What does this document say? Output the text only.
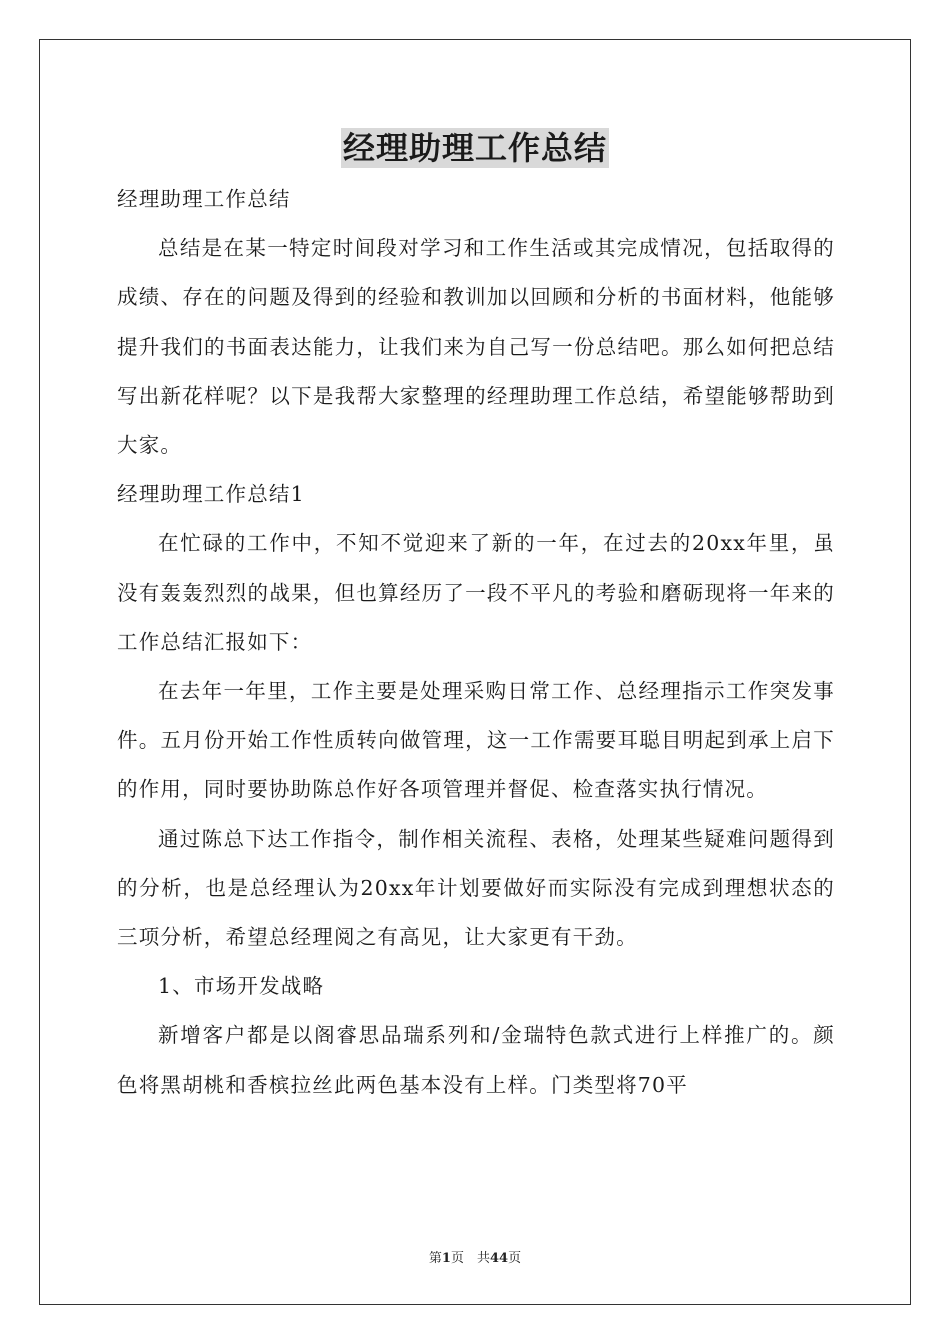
经理助理工作总结

经理助理工作总结

总结是在某一特定时间段对学习和工作生活或其完成情况，包括取得的成绩、存在的问题及得到的经验和教训加以回顾和分析的书面材料，他能够提升我们的书面表达能力，让我们来为自己写一份总结吧。那么如何把总结写出新花样呢？以下是我帮大家整理的经理助理工作总结，希望能够帮助到大家。

经理助理工作总结1

在忙碌的工作中，不知不觉迎来了新的一年，在过去的20xx年里，虽没有轰轰烈烈的战果，但也算经历了一段不平凡的考验和磨砺现将一年来的工作总结汇报如下：

在去年一年里，工作主要是处理采购日常工作、总经理指示工作突发事件。五月份开始工作性质转向做管理，这一工作需要耳聪目明起到承上启下的作用，同时要协助陈总作好各项管理并督促、检查落实执行情况。

通过陈总下达工作指令，制作相关流程、表格，处理某些疑难问题得到的分析，也是总经理认为20xx年计划要做好而实际没有完成到理想状态的三项分析，希望总经理阅之有高见，让大家更有干劲。

1、市场开发战略

新增客户都是以阁睿思品瑞系列和/金瑞特色款式进行上样推广的。颜色将黑胡桃和香槟拉丝此两色基本没有上样。门类型将70平

第1页　共44页
